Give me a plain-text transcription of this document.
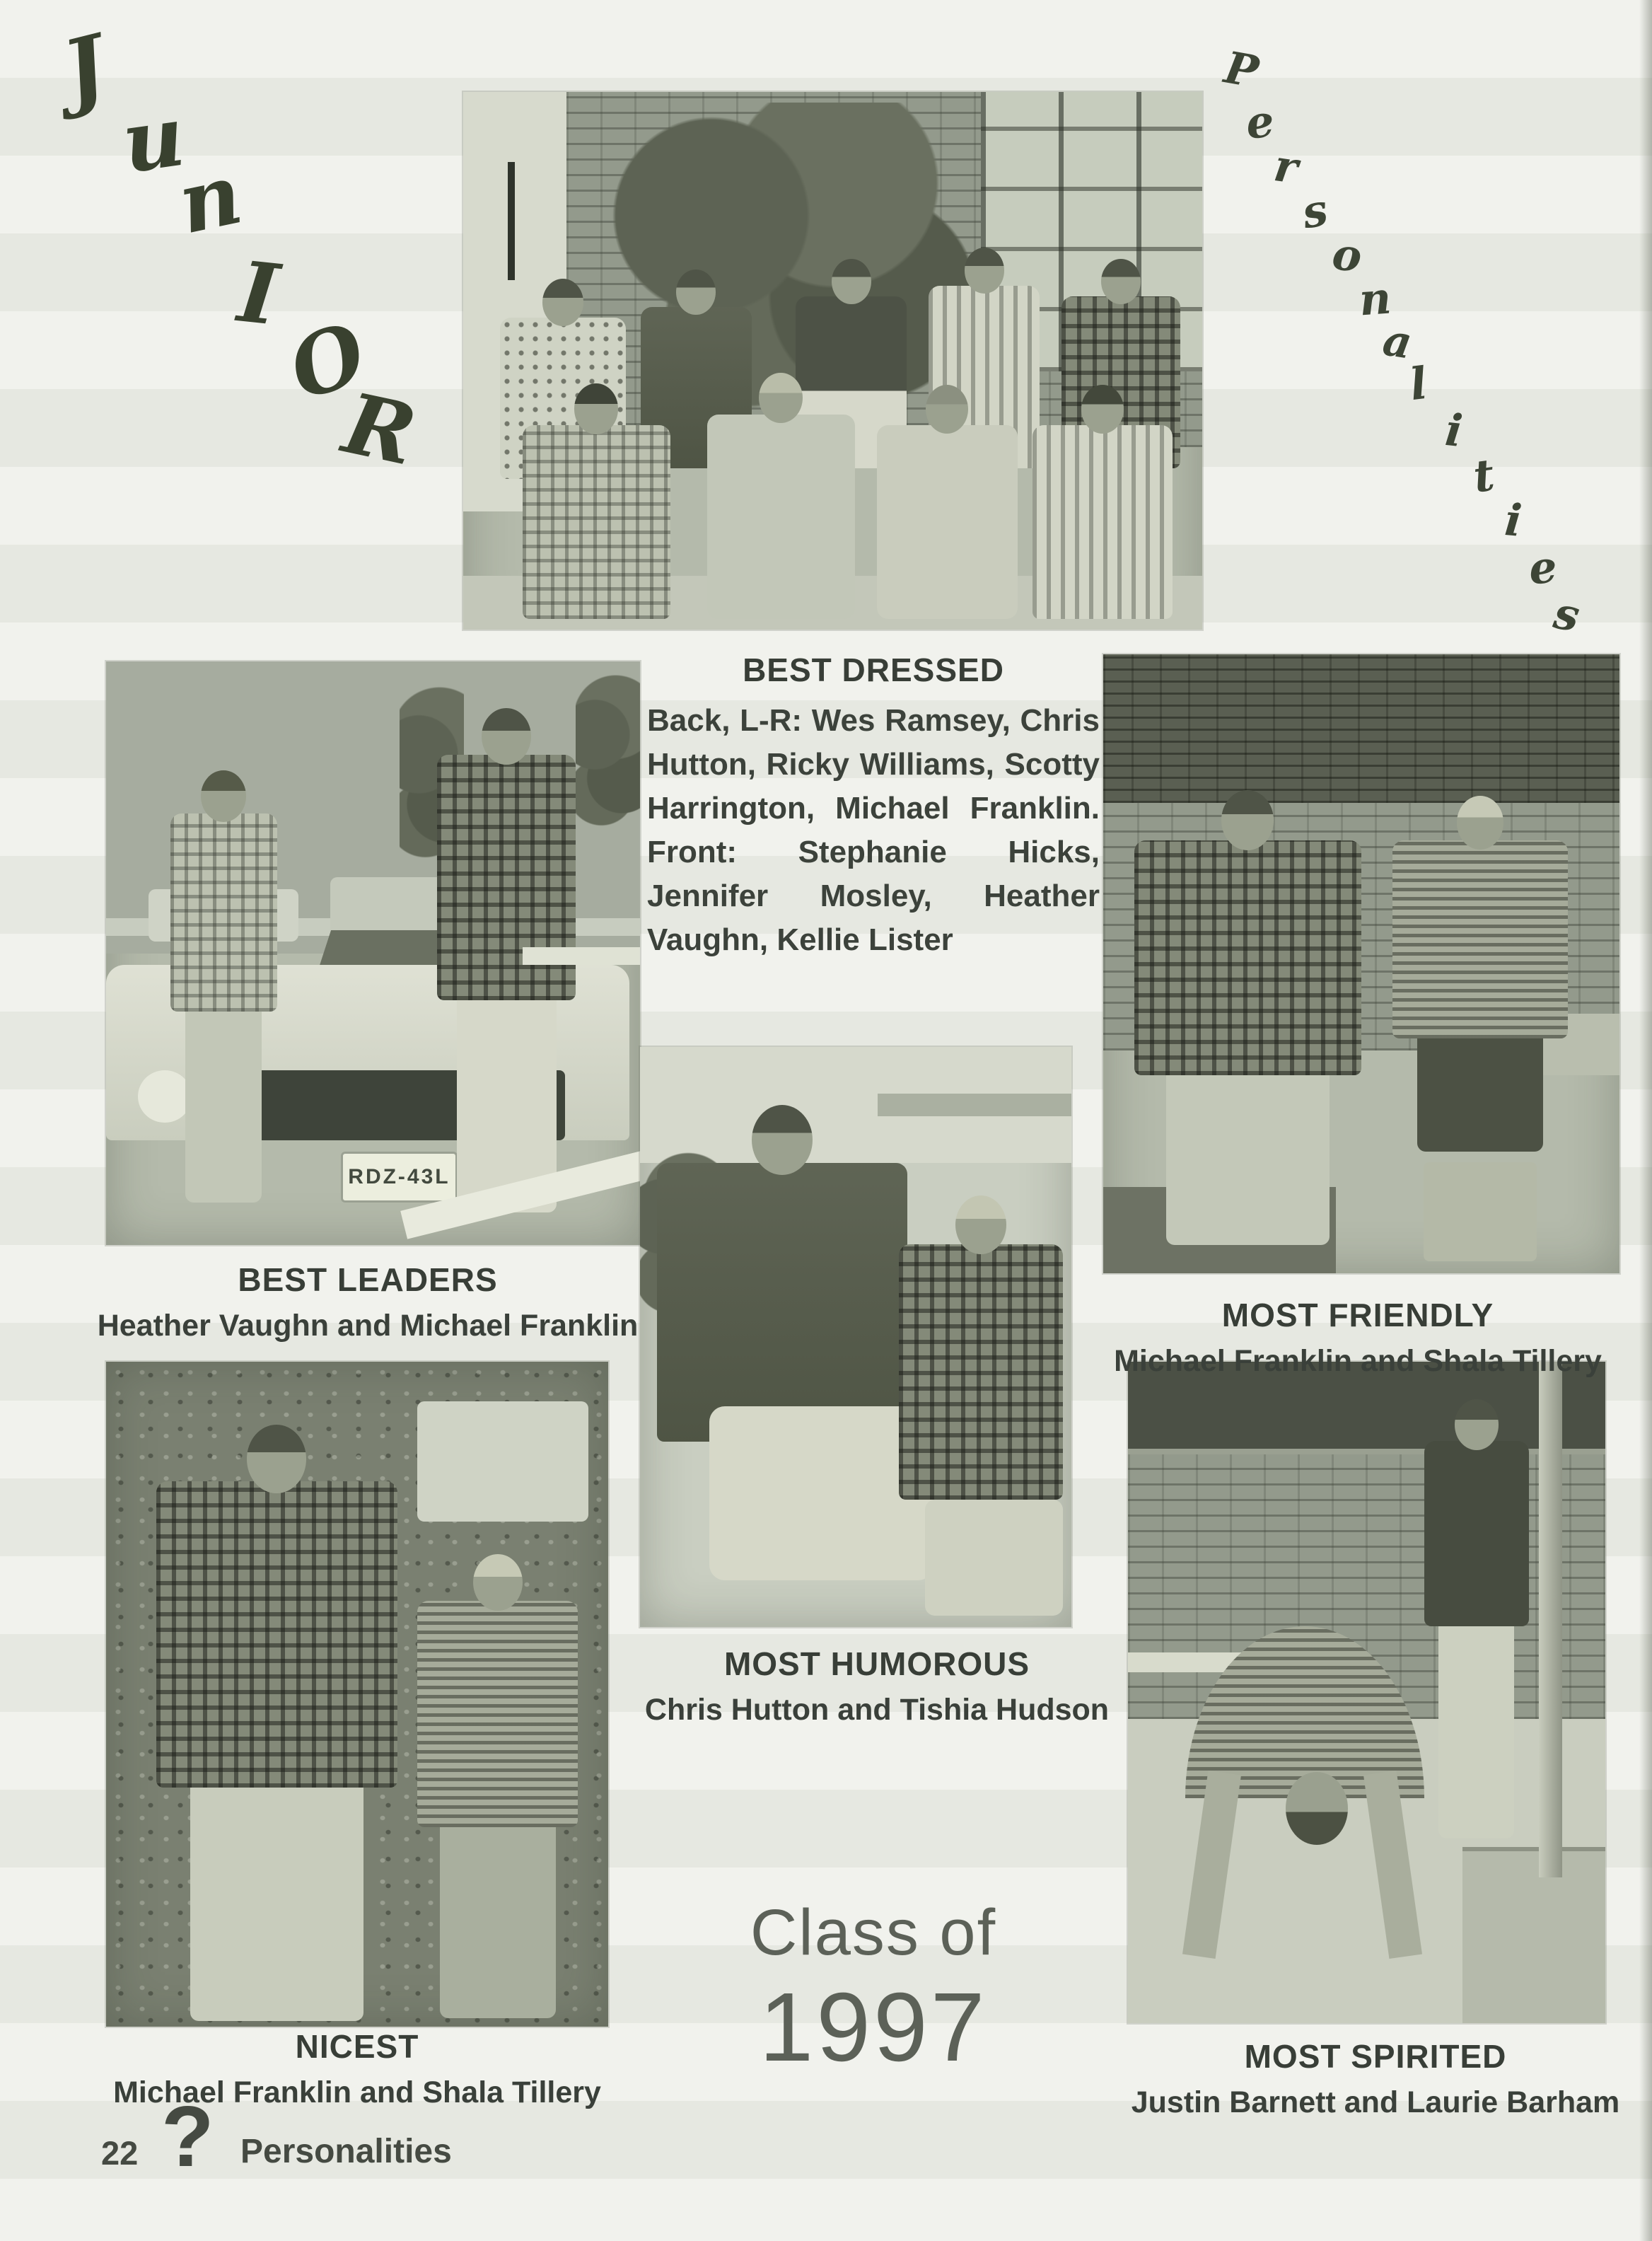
J
u
n
I
O
R
P
e
r
s
o
n
a
l
i
t
i
e
s
RDZ-43L
BEST DRESSED

Back, L-R: Wes Ramsey, Chris Hutton, Ricky Williams, Scotty Harrington, Michael Franklin. Front: Stephanie Hicks, Jennifer Mosley, Heather Vaughn, Kellie Lister

BEST LEADERS
Heather Vaughn and Michael Franklin	MOST FRIENDLY
Michael Franklin and Shala Tillery
MOST HUMOROUS
Chris Hutton and Tishia Hudson
NICEST
Michael Franklin and Shala Tillery
MOST SPIRITED
Justin Barnett and Laurie Barham
Class of
1997
22 ? Personalities
